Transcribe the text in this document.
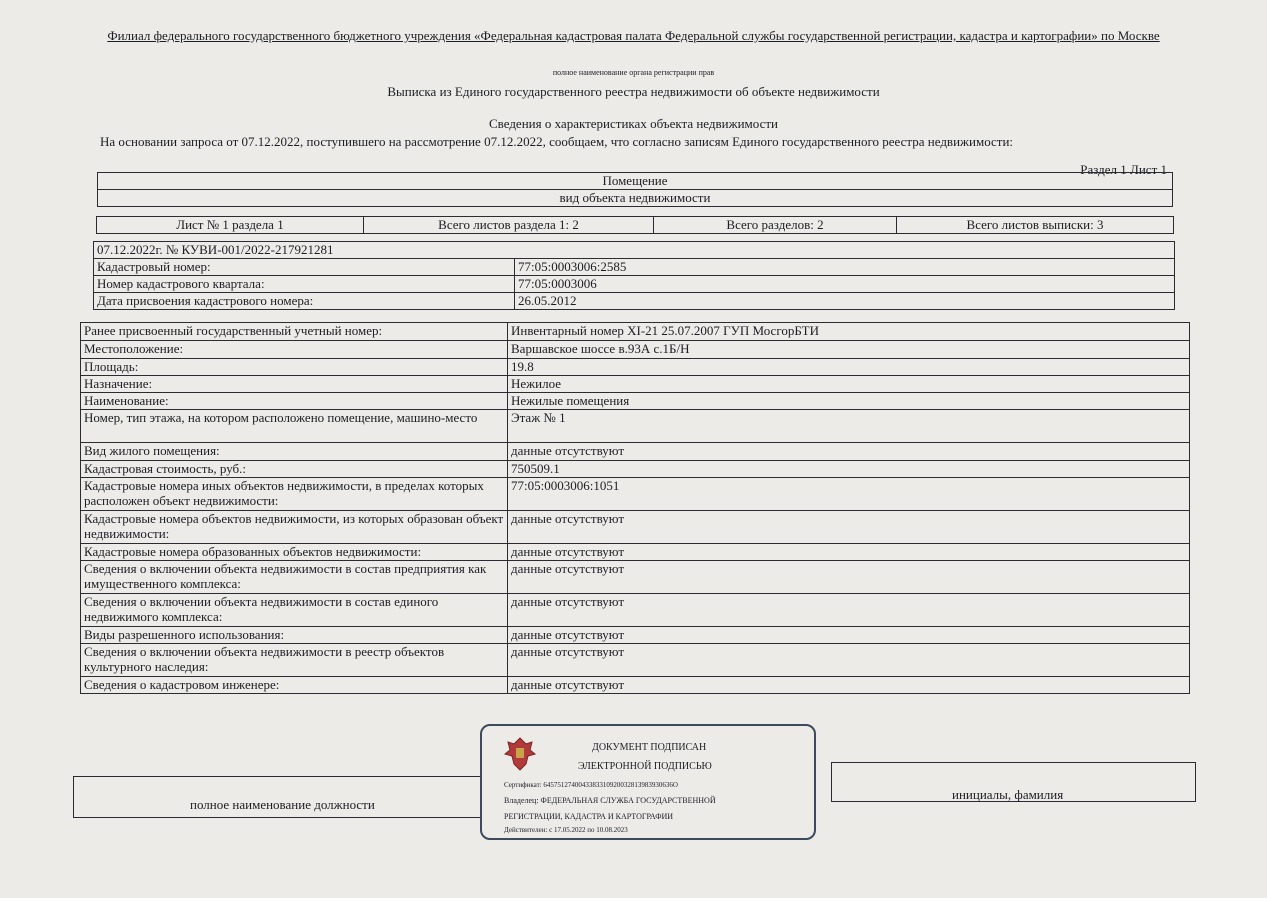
Филиал федерального государственного бюджетного учреждения «Федеральная кадастровая палата Федеральной службы государственной регистрации, кадастра и картографии» по Москве
полное наименование органа регистрации прав
Выписка из Единого государственного реестра недвижимости об объекте недвижимости
Сведения о характеристиках объекта недвижимости
На основании запроса от 07.12.2022, поступившего на рассмотрение 07.12.2022, сообщаем, что согласно записям Единого государственного реестра недвижимости:
Раздел 1 Лист 1
Помещение
вид объекта недвижимости
Лист № 1 раздела 1	Всего листов раздела 1: 2	Всего разделов: 2	Всего листов выписки: 3
07.12.2022г. № КУВИ-001/2022-217921281	
Кадастровый номер:	77:05:0003006:2585
Номер кадастрового квартала:	77:05:0003006
Дата присвоения кадастрового номера:	26.05.2012
Ранее присвоенный государственный учетный номер:	Инвентарный номер XI-21 25.07.2007 ГУП МосгорБТИ
Местоположение:	Варшавское шоссе в.93А с.1Б/Н
Площадь:	19.8
Назначение:	Нежилое
Наименование:	Нежилые помещения
Номер, тип этажа, на котором расположено помещение, машино-место	Этаж № 1
Вид жилого помещения:	данные отсутствуют
Кадастровая стоимость, руб.:	750509.1
Кадастровые номера иных объектов недвижимости, в пределах которых расположен объект недвижимости:	77:05:0003006:1051
Кадастровые номера объектов недвижимости, из которых образован объект недвижимости:	данные отсутствуют
Кадастровые номера образованных объектов недвижимости:	данные отсутствуют
Сведения о включении объекта недвижимости в состав предприятия как имущественного комплекса:	данные отсутствуют
Сведения о включении объекта недвижимости в состав единого недвижимого комплекса:	данные отсутствуют
Виды разрешенного использования:	данные отсутствуют
Сведения о включении объекта недвижимости в реестр объектов культурного наследия:	данные отсутствуют
Сведения о кадастровом инженере:	данные отсутствуют
полное наименование должности
инициалы, фамилия
ДОКУМЕНТ ПОДПИСАН
ЭЛЕКТРОННОЙ ПОДПИСЬЮ
Сертификат: 6457512740043383310920032813983930636О
Владелец: ФЕДЕРАЛЬНАЯ СЛУЖБА ГОСУДАРСТВЕННОЙ
РЕГИСТРАЦИИ, КАДАСТРА И КАРТОГРАФИИ
Действителен: с 17.05.2022 по 10.08.2023
